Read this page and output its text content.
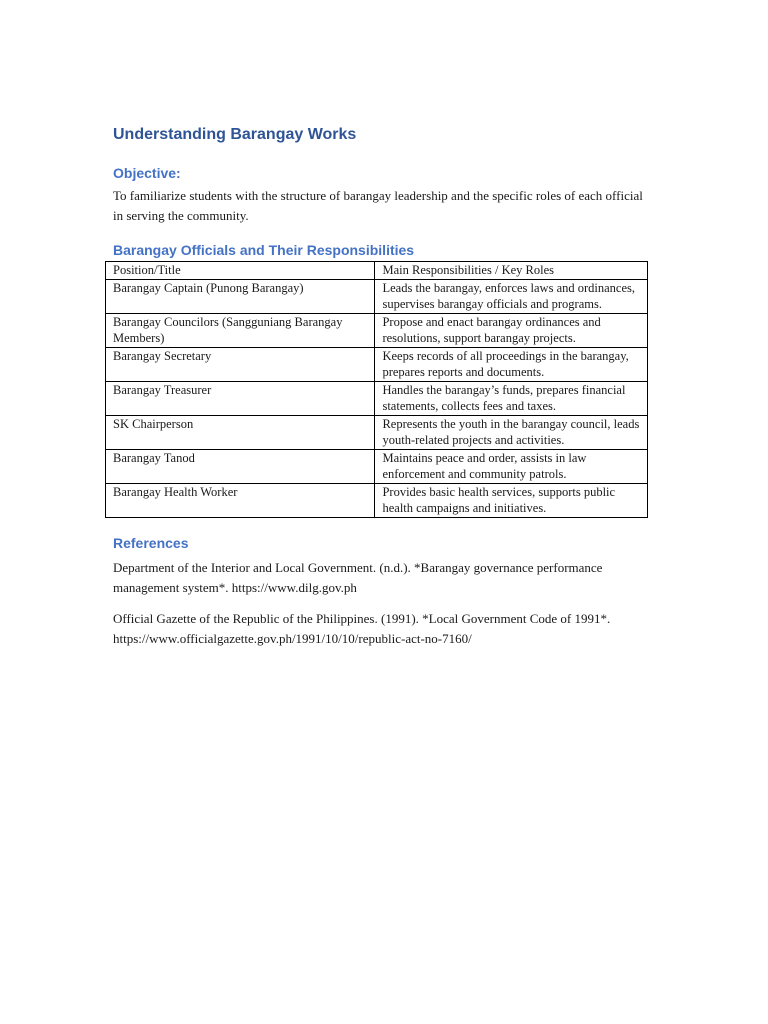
Understanding Barangay Works
Objective:

To familiarize students with the structure of barangay leadership and the specific roles of each official in serving the community.

Barangay Officials and Their Responsibilities
Position/Title	Main Responsibilities / Key Roles
Barangay Captain (Punong Barangay)	Leads the barangay, enforces laws and ordinances, supervises barangay officials and programs.
Barangay Councilors (Sangguniang Barangay Members)	Propose and enact barangay ordinances and resolutions, support barangay projects.
Barangay Secretary	Keeps records of all proceedings in the barangay, prepares reports and documents.
Barangay Treasurer	Handles the barangay’s funds, prepares financial statements, collects fees and taxes.
SK Chairperson	Represents the youth in the barangay council, leads youth-related projects and activities.
Barangay Tanod	Maintains peace and order, assists in law enforcement and community patrols.
Barangay Health Worker	Provides basic health services, supports public health campaigns and initiatives.
References

Department of the Interior and Local Government. (n.d.). *Barangay governance performance management system*. https://www.dilg.gov.ph

Official Gazette of the Republic of the Philippines. (1991). *Local Government Code of 1991*. https://www.officialgazette.gov.ph/1991/10/10/republic-act-no-7160/
